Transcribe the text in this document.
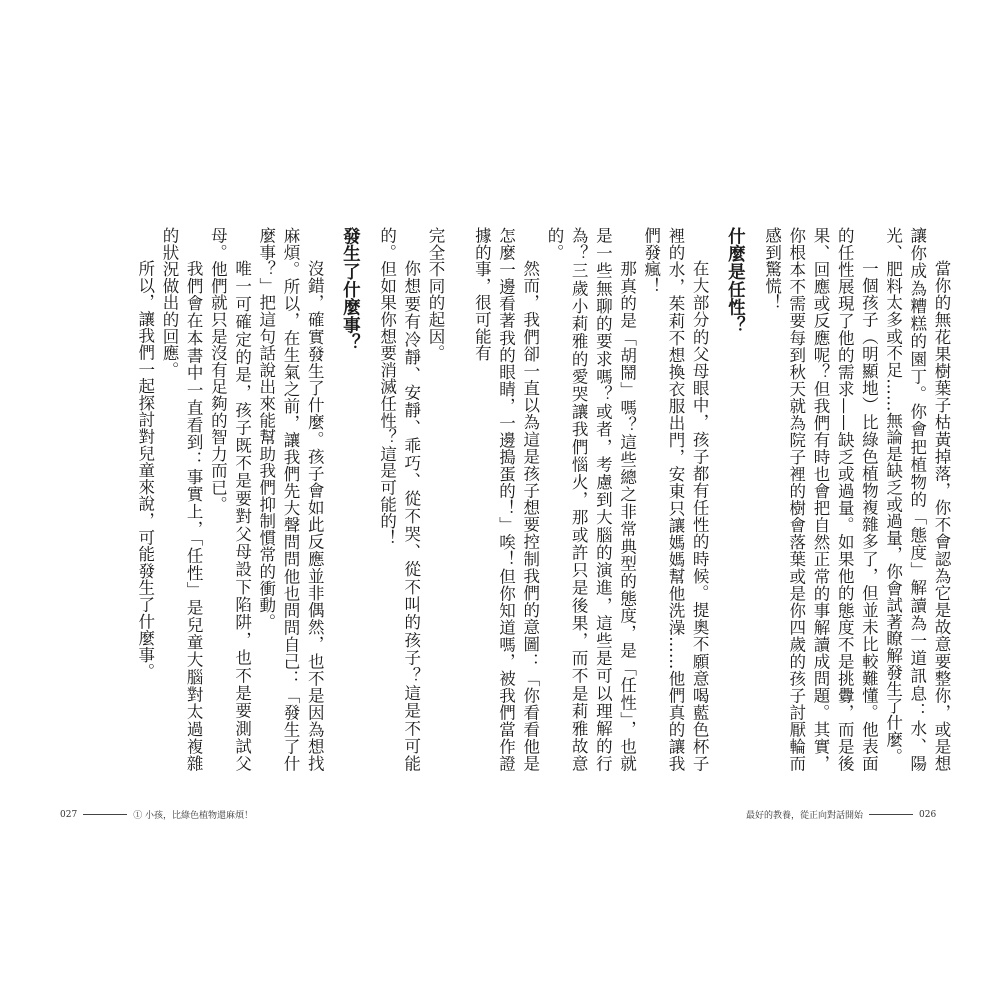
當你的無花果樹葉子枯黃掉落，你不會認為它是故意要整你，或是想讓你成為糟糕的園丁。你會把植物的「態度」解讀為一道訊息：水、陽光、肥料太多或不足……無論是缺乏或過量，你會試著瞭解發生了什麼。

一個孩子（明顯地）比綠色植物複雜多了，但並未比較難懂。他表面的任性展現了他的需求——缺乏或過量。如果他的態度不是挑釁，而是後果、回應或反應呢？但我們有時也會把自然正常的事解讀成問題。其實，你根本不需要每到秋天就為院子裡的樹會落葉或是你四歲的孩子討厭輪而感到驚慌！

什麼是任性？

在大部分的父母眼中，孩子都有任性的時候。提奧不願意喝藍色杯子裡的水，茱莉不想換衣服出門，安東只讓媽媽幫他洗澡……他們真的讓我們發瘋！

那真的是「胡鬧」嗎？這些總之非常典型的態度，是「任性」，也就是一些無聊的要求嗎？或者，考慮到大腦的演進，這些是可以理解的行為？三歲小莉雅的愛哭讓我們惱火，那或許只是後果，而不是莉雅故意的。

然而，我們卻一直以為這是孩子想要控制我們的意圖：「你看看他是怎麼一邊看著我的眼睛，一邊搗蛋的！」唉！但你知道嗎，被我們當作證據的事，很可能有

完全不同的起因。

你想要有冷靜、安靜、乖巧、從不哭、從不叫的孩子？這是不可能的。但如果你想要消滅任性？這是可能的！

發生了什麼事？

沒錯，確實發生了什麼。孩子會如此反應並非偶然，也不是因為想找麻煩。所以，在生氣之前，讓我們先大聲問問他也問問自己：「發生了什麼事？」把這句話說出來能幫助我們抑制慣常的衝動。

唯一可確定的是，孩子既不是要對父母設下陷阱，也不是要測試父母。他們就只是沒有足夠的智力而已。

我們會在本書中一直看到：事實上，「任性」是兒童大腦對太過複雜的狀況做出的回應。

所以，讓我們一起探討對兒童來說，可能發生了什麼事。

027	① 小孩，比綠色植物還麻煩！	最好的教養，從正向對話開始	026
